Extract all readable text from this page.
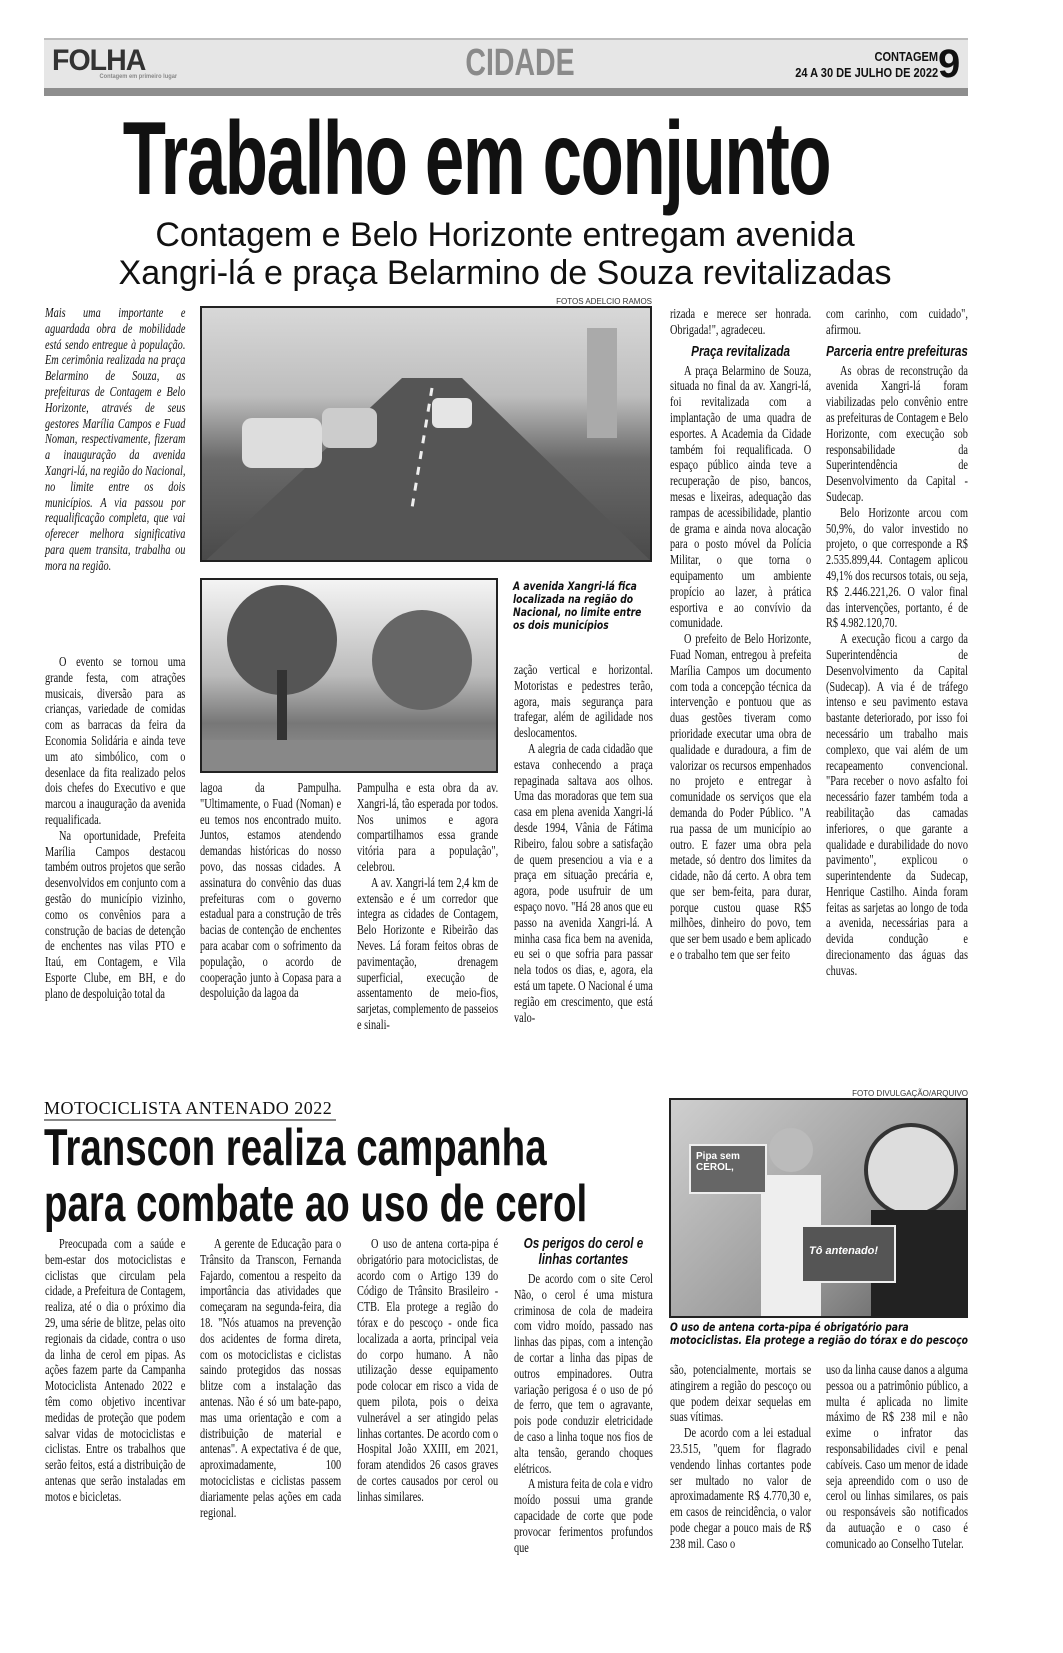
FOLHA
Contagem em primeiro lugar	CIDADE	CONTAGEM
24 A 30 DE JULHO DE 2022 9
Trabalho em conjunto
Contagem e Belo Horizonte entregam avenida
Xangri-lá e praça Belarmino de Souza revitalizadas
FOTOS ADELCIO RAMOS
A avenida Xangri-lá fica localizada na região do Nacional, no limite entre os dois municípios

Mais uma importante e aguardada obra de mobilidade está sendo entregue à população. Em cerimônia realizada na praça Belarmino de Souza, as prefeituras de Contagem e Belo Horizonte, através de seus gestores Marília Campos e Fuad Noman, respectivamente, fizeram a inauguração da avenida Xangri-lá, na região do Nacional, no limite entre os dois municípios. A via passou por requalificação completa, que vai oferecer melhora significativa para quem transita, trabalha ou mora na região.

O evento se tornou uma grande festa, com atrações musicais, diversão para as crianças, variedade de comidas com as barracas da feira da Economia Solidária e ainda teve um ato simbólico, com o desenlace da fita realizado pelos dois chefes do Executivo e que marcou a inauguração da avenida requalificada.

Na oportunidade, Prefeita Marília Campos destacou também outros projetos que serão desenvolvidos em conjunto com a gestão do município vizinho, como os convênios para a construção de bacias de detenção de enchentes nas vilas PTO e Itaú, em Contagem, e Vila Esporte Clube, em BH, e do plano de despoluição total da

lagoa da Pampulha. "Ultimamente, o Fuad (Noman) e eu temos nos encontrado muito. Juntos, estamos atendendo demandas históricas do nosso povo, das nossas cidades. A assinatura do convênio das duas prefeituras com o governo estadual para a construção de três bacias de contenção de enchentes para acabar com o sofrimento da população, o acordo de cooperação junto à Copasa para a despoluição da lagoa da

Pampulha e esta obra da av. Xangri-lá, tão esperada por todos. Nos unimos e agora compartilhamos essa grande vitória para a população", celebrou.

A av. Xangri-lá tem 2,4 km de extensão e é um corredor que integra as cidades de Contagem, Belo Horizonte e Ribeirão das Neves. Lá foram feitos obras de pavimentação, drenagem superficial, execução de assentamento de meio-fios, sarjetas, complemento de passeios e sinali-

zação vertical e horizontal. Motoristas e pedestres terão, agora, mais segurança para trafegar, além de agilidade nos deslocamentos.

A alegria de cada cidadão que estava conhecendo a praça repaginada saltava aos olhos. Uma das moradoras que tem sua casa em plena avenida Xangri-lá desde 1994, Vânia de Fátima Ribeiro, falou sobre a satisfação de quem presenciou a via e a praça em situação precária e, agora, pode usufruir de um espaço novo. "Há 28 anos que eu passo na avenida Xangri-lá. A minha casa fica bem na avenida, eu sei o que sofria para passar nela todos os dias, e, agora, ela está um tapete. O Nacional é uma região em crescimento, que está valo-

rizada e merece ser honrada. Obrigada!", agradeceu.

Praça revitalizada

A praça Belarmino de Souza, situada no final da av. Xangri-lá, foi revitalizada com a implantação de uma quadra de esportes. A Academia da Cidade também foi requalificada. O espaço público ainda teve a recuperação de piso, bancos, mesas e lixeiras, adequação das rampas de acessibilidade, plantio de grama e ainda nova alocação para o posto móvel da Polícia Militar, o que torna o equipamento um ambiente propício ao lazer, à prática esportiva e ao convívio da comunidade.

O prefeito de Belo Horizonte, Fuad Noman, entregou à prefeita Marília Campos um documento com toda a concepção técnica da intervenção e pontuou que as duas gestões tiveram como prioridade executar uma obra de qualidade e duradoura, a fim de valorizar os recursos empenhados no projeto e entregar à comunidade os serviços que ela demanda do Poder Público. "A rua passa de um município ao outro. E fazer uma obra pela metade, só dentro dos limites da cidade, não dá certo. A obra tem que ser bem-feita, para durar, porque custou quase R$5 milhões, dinheiro do povo, tem que ser bem usado e bem aplicado e o trabalho tem que ser feito

com carinho, com cuidado", afirmou.

Parceria entre prefeituras

As obras de reconstrução da avenida Xangri-lá foram viabilizadas pelo convênio entre as prefeituras de Contagem e Belo Horizonte, com execução sob responsabilidade da Superintendência de Desenvolvimento da Capital - Sudecap.

Belo Horizonte arcou com 50,9%, do valor investido no projeto, o que corresponde a R$ 2.535.899,44. Contagem aplicou 49,1% dos recursos totais, ou seja, R$ 2.446.221,26. O valor final das intervenções, portanto, é de R$ 4.982.120,70.

A execução ficou a cargo da Superintendência de Desenvolvimento da Capital (Sudecap). A via é de tráfego intenso e seu pavimento estava bastante deteriorado, por isso foi necessário um trabalho mais complexo, que vai além de um recapeamento convencional. "Para receber o novo asfalto foi necessário fazer também toda a reabilitação das camadas inferiores, o que garante a qualidade e durabilidade do novo pavimento", explicou o superintendente da Sudecap, Henrique Castilho. Ainda foram feitas as sarjetas ao longo de toda a avenida, necessárias para a devida condução e direcionamento das águas das chuvas.

MOTOCICLISTA ANTENADO 2022
Transcon realiza campanha
para combate ao uso de cerol
FOTO DIVULGAÇÃO/ARQUIVO
Pipa sem CEROL,
Tô antenado!
O uso de antena corta-pipa é obrigatório para motociclistas. Ela protege a região do tórax e do pescoço

Preocupada com a saúde e bem-estar dos motociclistas e ciclistas que circulam pela cidade, a Prefeitura de Contagem, realiza, até o dia o próximo dia 29, uma série de blitze, pelas oito regionais da cidade, contra o uso da linha de cerol em pipas. As ações fazem parte da Campanha Motociclista Antenado 2022 e têm como objetivo incentivar medidas de proteção que podem salvar vidas de motociclistas e ciclistas. Entre os trabalhos que serão feitos, está a distribuição de antenas que serão instaladas em motos e bicicletas.

A gerente de Educação para o Trânsito da Transcon, Fernanda Fajardo, comentou a respeito da importância das atividades que começaram na segunda-feira, dia 18. "Nós atuamos na prevenção dos acidentes de forma direta, com os motociclistas e ciclistas saindo protegidos das nossas blitze com a instalação das antenas. Não é só um bate-papo, mas uma orientação e com a distribuição de material e antenas". A expectativa é de que, aproximadamente, 100 motociclistas e ciclistas passem diariamente pelas ações em cada regional.

O uso de antena corta-pipa é obrigatório para motociclistas, de acordo com o Artigo 139 do Código de Trânsito Brasileiro - CTB. Ela protege a região do tórax e do pescoço - onde fica localizada a aorta, principal veia do corpo humano. A não utilização desse equipamento pode colocar em risco a vida de quem pilota, pois o deixa vulnerável a ser atingido pelas linhas cortantes. De acordo com o Hospital João XXIII, em 2021, foram atendidos 26 casos graves de cortes causados por cerol ou linhas similares.

Os perigos do cerol e linhas cortantes

De acordo com o site Cerol Não, o cerol é uma mistura criminosa de cola de madeira com vidro moído, passado nas linhas das pipas, com a intenção de cortar a linha das pipas de outros empinadores. Outra variação perigosa é o uso de pó de ferro, que tem o agravante, pois pode conduzir eletricidade de caso a linha toque nos fios de alta tensão, gerando choques elétricos.

A mistura feita de cola e vidro moído possui uma grande capacidade de corte que pode provocar ferimentos profundos que

são, potencialmente, mortais se atingirem a região do pescoço ou que podem deixar sequelas em suas vítimas.

De acordo com a lei estadual 23.515, "quem for flagrado vendendo linhas cortantes pode ser multado no valor de aproximadamente R$ 4.770,30 e, em casos de reincidência, o valor pode chegar a pouco mais de R$ 238 mil. Caso o

uso da linha cause danos a alguma pessoa ou a patrimônio público, a multa é aplicada no limite máximo de R$ 238 mil e não exime o infrator das responsabilidades civil e penal cabíveis. Caso um menor de idade seja apreendido com o uso de cerol ou linhas similares, os pais ou responsáveis são notificados da autuação e o caso é comunicado ao Conselho Tutelar.
